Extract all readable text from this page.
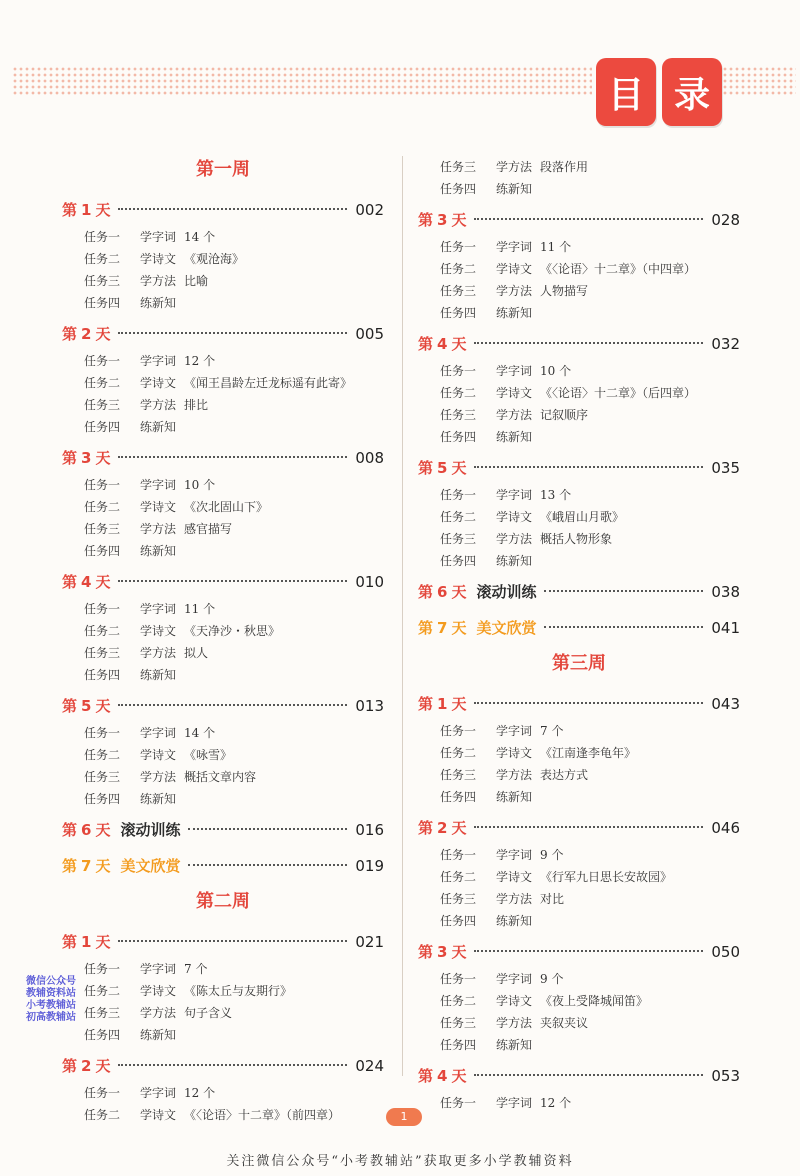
目 录
第一周
第 1 天	002
任务一 学字词 14 个
任务二 学诗文 《观沧海》
任务三 学方法 比喻
任务四 练新知
第 2 天	005
任务一 学字词 12 个
任务二 学诗文 《闻王昌龄左迁龙标遥有此寄》
任务三 学方法 排比
任务四 练新知
第 3 天	008
任务一 学字词 10 个
任务二 学诗文 《次北固山下》
任务三 学方法 感官描写
任务四 练新知
第 4 天	010
任务一 学字词 11 个
任务二 学诗文 《天净沙・秋思》
任务三 学方法 拟人
任务四 练新知
第 5 天	013
任务一 学字词 14 个
任务二 学诗文 《咏雪》
任务三 学方法 概括文章内容
任务四 练新知
第 6 天 滚动训练	016
第 7 天 美文欣赏	019
第二周
第 1 天	021
任务一 学字词 7 个
任务二 学诗文 《陈太丘与友期行》
任务三 学方法 句子含义
任务四 练新知
第 2 天	024
任务一 学字词 12 个
任务二 学诗文 《〈论语〉十二章》（前四章）
任务三 学方法 段落作用
任务四 练新知
第 3 天	028
任务一 学字词 11 个
任务二 学诗文 《〈论语〉十二章》（中四章）
任务三 学方法 人物描写
任务四 练新知
第 4 天	032
任务一 学字词 10 个
任务二 学诗文 《〈论语〉十二章》（后四章）
任务三 学方法 记叙顺序
任务四 练新知
第 5 天	035
任务一 学字词 13 个
任务二 学诗文 《峨眉山月歌》
任务三 学方法 概括人物形象
任务四 练新知
第 6 天 滚动训练	038
第 7 天 美文欣赏	041
第三周
第 1 天	043
任务一 学字词 7 个
任务二 学诗文 《江南逢李龟年》
任务三 学方法 表达方式
任务四 练新知
第 2 天	046
任务一 学字词 9 个
任务二 学诗文 《行军九日思长安故园》
任务三 学方法 对比
任务四 练新知
第 3 天	050
任务一 学字词 9 个
任务二 学诗文 《夜上受降城闻笛》
任务三 学方法 夹叙夹议
任务四 练新知
第 4 天	053
任务一 学字词 12 个
微信公众号
教辅资料站
小考教辅站
初高教辅站
1
关注微信公众号“小考教辅站”获取更多小学教辅资料
